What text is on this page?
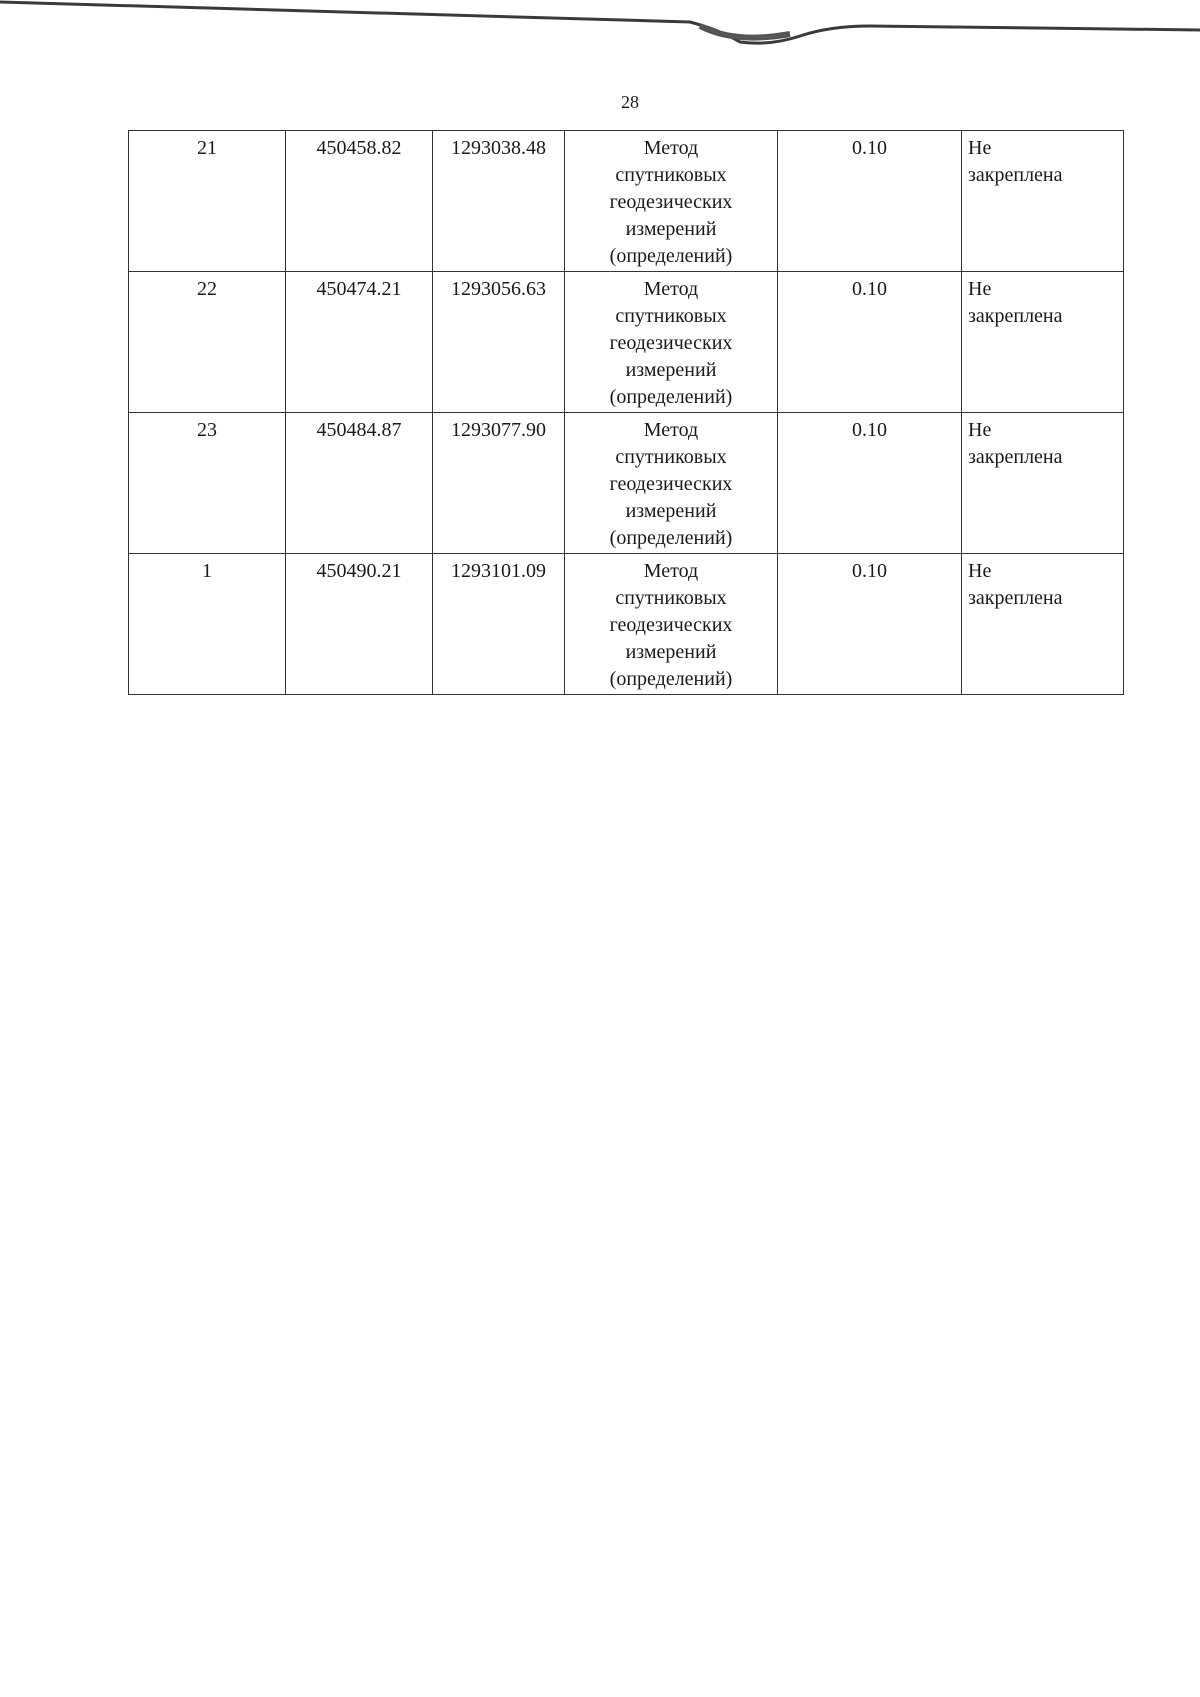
28
21	450458.82	1293038.48	Метод
спутниковых
геодезических
измерений
(определений)	0.10	Не
закреплена

22	450474.21	1293056.63	Метод
спутниковых
геодезических
измерений
(определений)	0.10	Не
закреплена

23	450484.87	1293077.90	Метод
спутниковых
геодезических
измерений
(определений)	0.10	Не
закреплена

1	450490.21	1293101.09	Метод
спутниковых
геодезических
измерений
(определений)	0.10	Не
закреплена
